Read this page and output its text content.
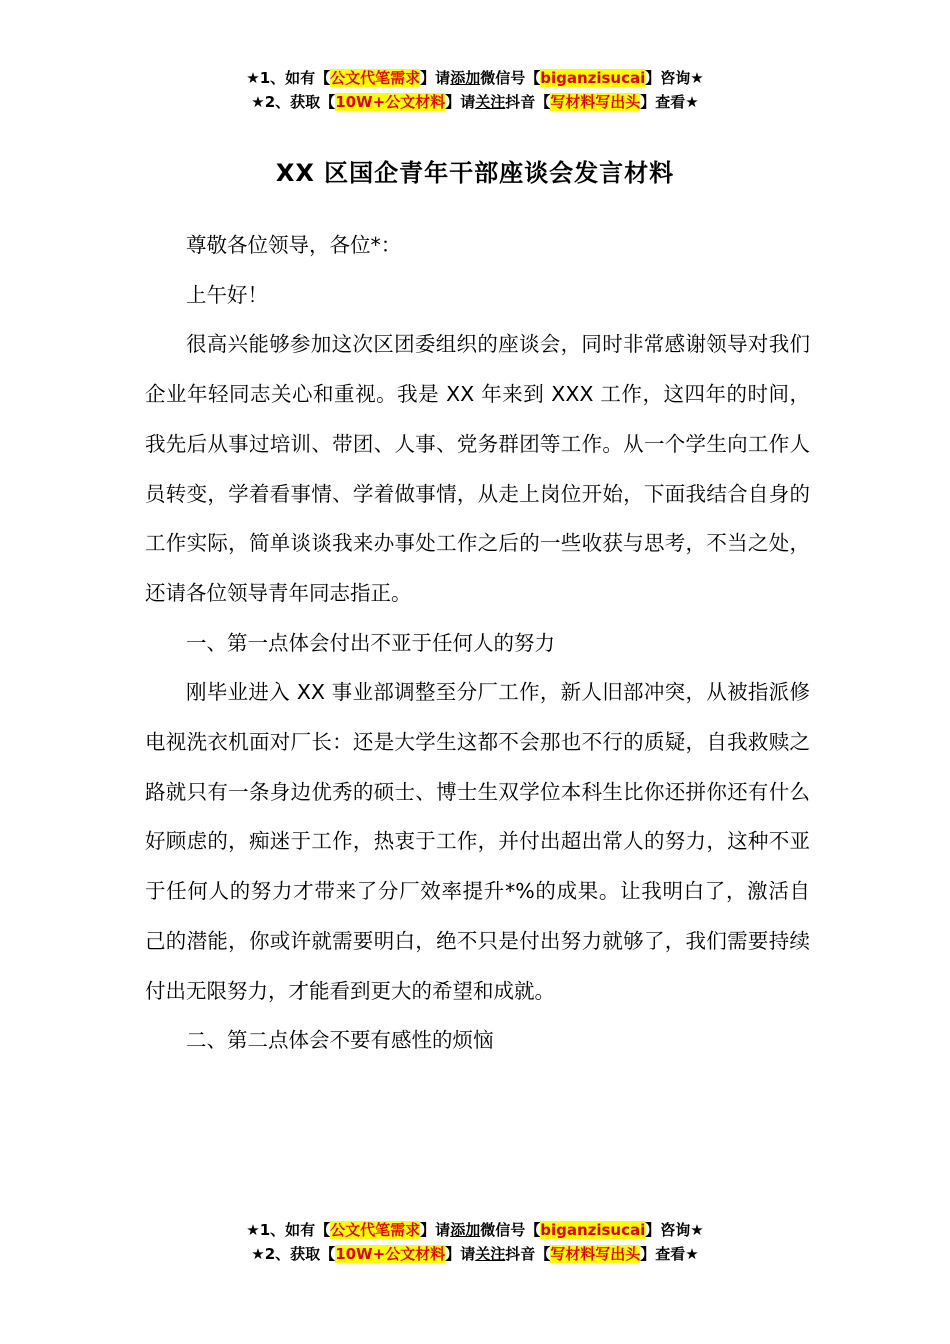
★1、如有【公文代笔需求】请添加微信号【biganzisucai】咨询★
★2、获取【10W+公文材料】请关注抖音【写材料写出头】查看★
XX 区国企青年干部座谈会发言材料

尊敬各位领导，各位*：

上午好！

很高兴能够参加这次区团委组织的座谈会，同时非常感谢领导对我们企业年轻同志关心和重视。我是 XX 年来到 XXX 工作，这四年的时间，我先后从事过培训、带团、人事、党务群团等工作。从一个学生向工作人员转变，学着看事情、学着做事情，从走上岗位开始，下面我结合自身的工作实际，简单谈谈我来办事处工作之后的一些收获与思考，不当之处，还请各位领导青年同志指正。

一、第一点体会付出不亚于任何人的努力

刚毕业进入 XX 事业部调整至分厂工作，新人旧部冲突，从被指派修电视洗衣机面对厂长：还是大学生这都不会那也不行的质疑，自我救赎之路就只有一条身边优秀的硕士、博士生双学位本科生比你还拼你还有什么好顾虑的，痴迷于工作，热衷于工作，并付出超出常人的努力，这种不亚于任何人的努力才带来了分厂效率提升*%的成果。让我明白了，激活自己的潜能，你或许就需要明白，绝不只是付出努力就够了，我们需要持续付出无限努力，才能看到更大的希望和成就。

二、第二点体会不要有感性的烦恼

★1、如有【公文代笔需求】请添加微信号【biganzisucai】咨询★
★2、获取【10W+公文材料】请关注抖音【写材料写出头】查看★
